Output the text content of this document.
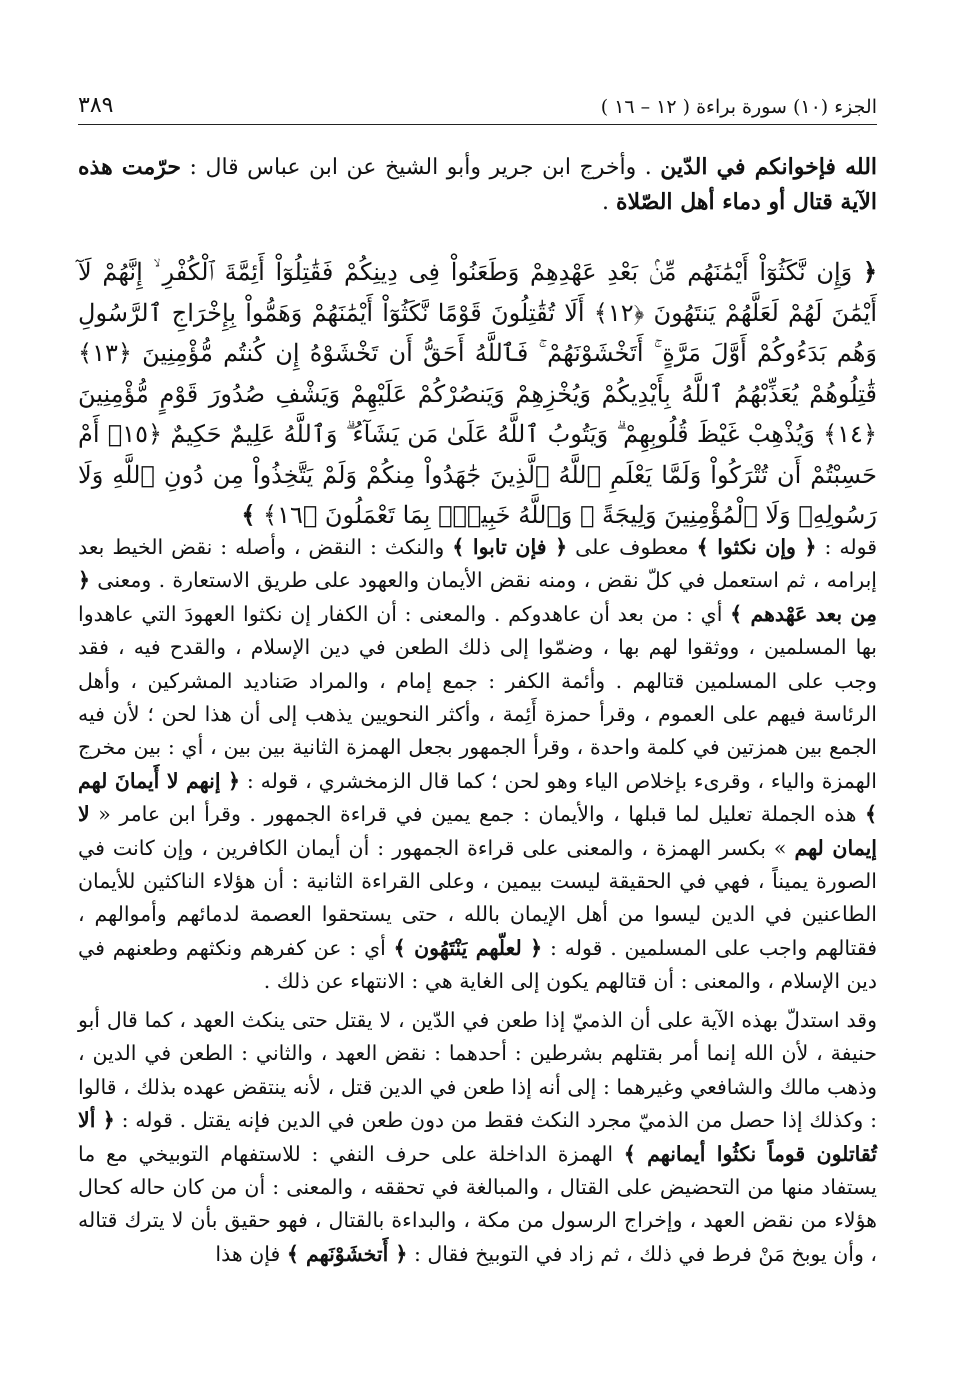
الجزء (١٠) سورة براءة ( ١٢ – ١٦ )
٣٨٩
الله فإخوانكم في الدّين . وأخرج ابن جرير وأبو الشيخ عن ابن عباس قال : حرّمت هذه الآية قتال أو دماء أهل الصّلاة .
﴿ وَإِن نَّكَثُوٓاْ أَيْمَٰنَهُم مِّنۢ بَعْدِ عَهْدِهِمْ وَطَعَنُواْ فِى دِينِكُمْ فَقَٰتِلُوٓاْ أَئِمَّةَ ٱلْكُفْرِ ۙ إِنَّهُمْ لَآ أَيْمَٰنَ لَهُمْ لَعَلَّهُمْ يَنتَهُونَ ﴿١٢﴾ أَلَا تُقَٰتِلُونَ قَوْمًا نَّكَثُوٓاْ أَيْمَٰنَهُمْ وَهَمُّواْ بِإِخْرَاجِ ٱلرَّسُولِ وَهُم بَدَءُوكُمْ أَوَّلَ مَرَّةٍ ۚ أَتَخْشَوْنَهُمْ ۚ فَٱللَّهُ أَحَقُّ أَن تَخْشَوْهُ إِن كُنتُم مُّؤْمِنِينَ ﴿١٣﴾ قَٰتِلُوهُمْ يُعَذِّبْهُمُ ٱللَّهُ بِأَيْدِيكُمْ وَيُخْزِهِمْ وَيَنصُرْكُمْ عَلَيْهِمْ وَيَشْفِ صُدُورَ قَوْمٍ مُّؤْمِنِينَ ﴿١٤﴾ وَيُذْهِبْ غَيْظَ قُلُوبِهِمْ ۗ وَيَتُوبُ ٱللَّهُ عَلَىٰ مَن يَشَآءُ ۗ وَٱللَّهُ عَلِيمٌ حَكِيمٌ ﴿١٥﴾ أَمْ حَسِبْتُمْ أَن تُتْرَكُواْ وَلَمَّا يَعْلَمِ ٱللَّهُ ٱلَّذِينَ جَٰهَدُواْ مِنكُمْ وَلَمْ يَتَّخِذُواْ مِن دُونِ ٱللَّهِ وَلَا رَسُولِهِۦ وَلَا ٱلْمُؤْمِنِينَ وَلِيجَةً ۚ وَٱللَّهُ خَبِيرٌۢ بِمَا تَعْمَلُونَ ﴿١٦﴾ ﴾
قوله : ﴿ وإن نكثوا ﴾ معطوف على ﴿ فإن تابوا ﴾ والنكث : النقض ، وأصله : نقض الخيط بعد إبرامه ، ثم استعمل في كلّ نقض ، ومنه نقض الأيمان والعهود على طريق الاستعارة . ومعنى ﴿ مِن بعد عَهْدهم ﴾ أي : من بعد أن عاهدوكم . والمعنى : أن الكفار إن نكثوا العهودَ التي عاهدوا بها المسلمين ، ووثقوا لهم بها ، وضمّوا إلى ذلك الطعن في دين الإسلام ، والقدح فيه ، فقد وجب على المسلمين قتالهم . وأئمة الكفر : جمع إمام ، والمراد صَناديد المشركين ، وأهل الرئاسة فيهم على العموم ، وقرأ حمزة أَئِمة ، وأكثر النحويين يذهب إلى أن هذا لحن ؛ لأن فيه الجمع بين همزتين في كلمة واحدة ، وقرأ الجمهور بجعل الهمزة الثانية بين بين ، أي : بين مخرج الهمزة والياء ، وقرىء بإخلاص الياء وهو لحن ؛ كما قال الزمخشري ، قوله : ﴿ إنهم لا أَيمانَ لهم ﴾ هذه الجملة تعليل لما قبلها ، والأيمان : جمع يمين في قراءة الجمهور . وقرأ ابن عامر « لا إيمان لهم » بكسر الهمزة ، والمعنى على قراءة الجمهور : أن أيمان الكافرين ، وإن كانت في الصورة يميناً ، فهي في الحقيقة ليست بيمين ، وعلى القراءة الثانية : أن هؤلاء الناكثين للأيمان الطاعنين في الدين ليسوا من أهل الإيمان بالله ، حتى يستحقوا العصمة لدمائهم وأموالهم ، فقتالهم واجب على المسلمين . قوله : ﴿ لعلّهم يَنْتَهُون ﴾ أي : عن كفرهم ونكثهم وطعنهم في دين الإسلام ، والمعنى : أن قتالهم يكون إلى الغاية هي : الانتهاء عن ذلك .
وقد استدلّ بهذه الآية على أن الذميّ إذا طعن في الدّين ، لا يقتل حتى ينكث العهد ، كما قال أبو حنيفة ، لأن الله إنما أمر بقتلهم بشرطين : أحدهما : نقض العهد ، والثاني : الطعن في الدين ، وذهب مالك والشافعي وغيرهما : إلى أنه إذا طعن في الدين قتل ، لأنه ينتقض عهده بذلك ، قالوا : وكذلك إذا حصل من الذميّ مجرد النكث فقط من دون طعن في الدين فإنه يقتل . قوله : ﴿ ألا تُقاتلون قوماً نكثُوا أيمانهم ﴾ الهمزة الداخلة على حرف النفي : للاستفهام التوبيخي مع ما يستفاد منها من التحضيض على القتال ، والمبالغة في تحققه ، والمعنى : أن من كان حاله كحال هؤلاء من نقض العهد ، وإخراج الرسول من مكة ، والبداءة بالقتال ، فهو حقيق بأن لا يترك قتاله ، وأن يوبخ مَنْ فرط في ذلك ، ثم زاد في التوبيخ فقال : ﴿ أَتخشَوْنَهم ﴾ فإن هذا
